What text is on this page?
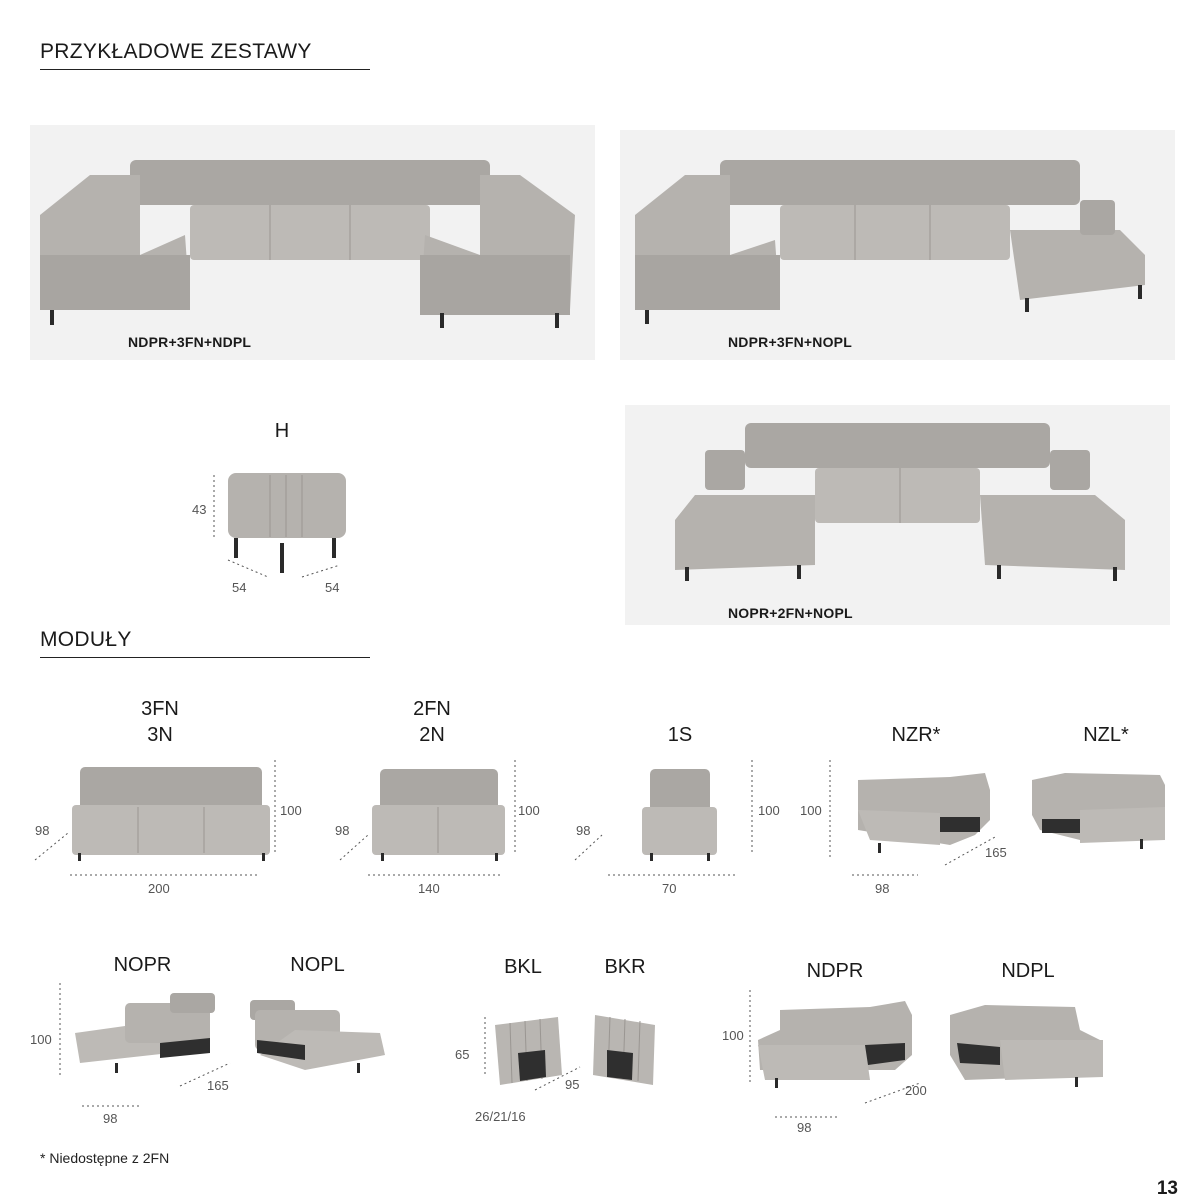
PRZYKŁADOWE ZESTAWY
MODUŁY
NDPR+3FN+NDPL	NDPR+3FN+NOPL
H
43
54	54
NOPR+2FN+NOPL
3FN
3N
98
100
200
2FN
2N
98
100
140
1S
98
100
70
NZR*
100
98
165
NZL*
NOPR
100
98
165
NOPL	BKL
65
95
26/21/16
BKR	NDPR
100
98
200
NDPL
* Niedostępne z 2FN
13
